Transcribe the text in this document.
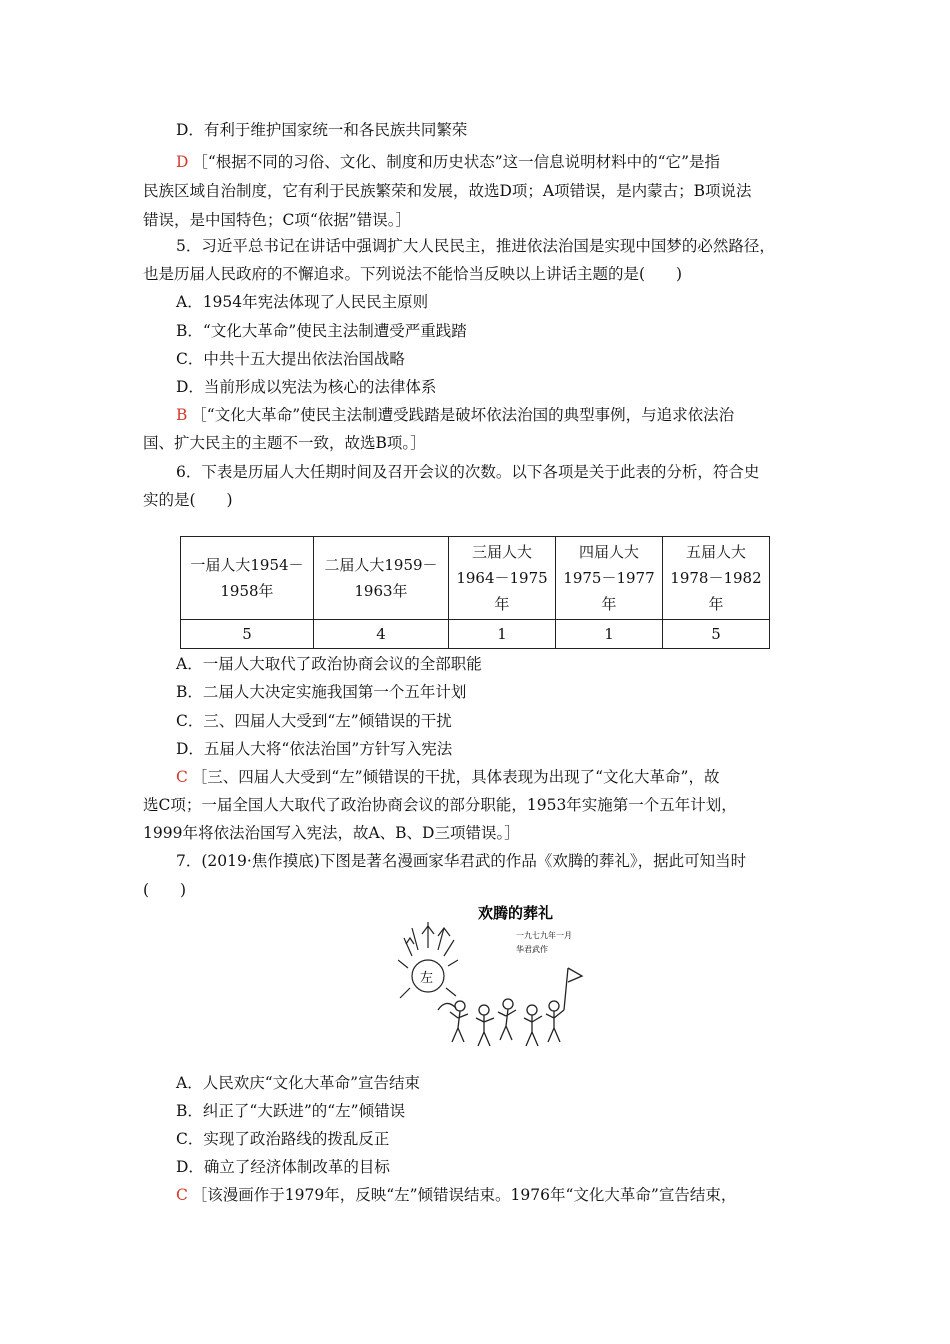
D．有利于维护国家统一和各民族共同繁荣
D  ［“根据不同的习俗、文化、制度和历史状态”这一信息说明材料中的“它”是指
民族区域自治制度，它有利于民族繁荣和发展，故选D项；A项错误，是内蒙古；B项说法
错误，是中国特色；C项“依据”错误。］
5．习近平总书记在讲话中强调扩大人民民主，推进依法治国是实现中国梦的必然路径，
也是历届人民政府的不懈追求。下列说法不能恰当反映以上讲话主题的是(　　)
A．1954年宪法体现了人民民主原则
B．“文化大革命”使民主法制遭受严重践踏
C．中共十五大提出依法治国战略
D．当前形成以宪法为核心的法律体系
B  ［“文化大革命”使民主法制遭受践踏是破坏依法治国的典型事例，与追求依法治
国、扩大民主的主题不一致，故选B项。］
6．下表是历届人大任期时间及召开会议的次数。以下各项是关于此表的分析，符合史
实的是(　　)
一届人大1954－1958年	二届人大1959－1963年	三届人大1964－1975年	四届人大1975－1977年	五届人大1978－1982年
5	4	1	1	5
A．一届人大取代了政治协商会议的全部职能
B．二届人大决定实施我国第一个五年计划
C．三、四届人大受到“左”倾错误的干扰
D．五届人大将“依法治国”方针写入宪法
C  ［三、四届人大受到“左”倾错误的干扰，具体表现为出现了“文化大革命”，故
选C项；一届全国人大取代了政治协商会议的部分职能，1953年实施第一个五年计划，
1999年将依法治国写入宪法，故A、B、D三项错误。］
7．(2019·焦作摸底)下图是著名漫画家华君武的作品《欢腾的葬礼》，据此可知当时
(　　)
欢腾的葬礼
一九七九年一月
华君武作
左
A．人民欢庆“文化大革命”宣告结束
B．纠正了“大跃进”的“左”倾错误
C．实现了政治路线的拨乱反正
D．确立了经济体制改革的目标
C  ［该漫画作于1979年，反映“左”倾错误结束。1976年“文化大革命”宣告结束，
